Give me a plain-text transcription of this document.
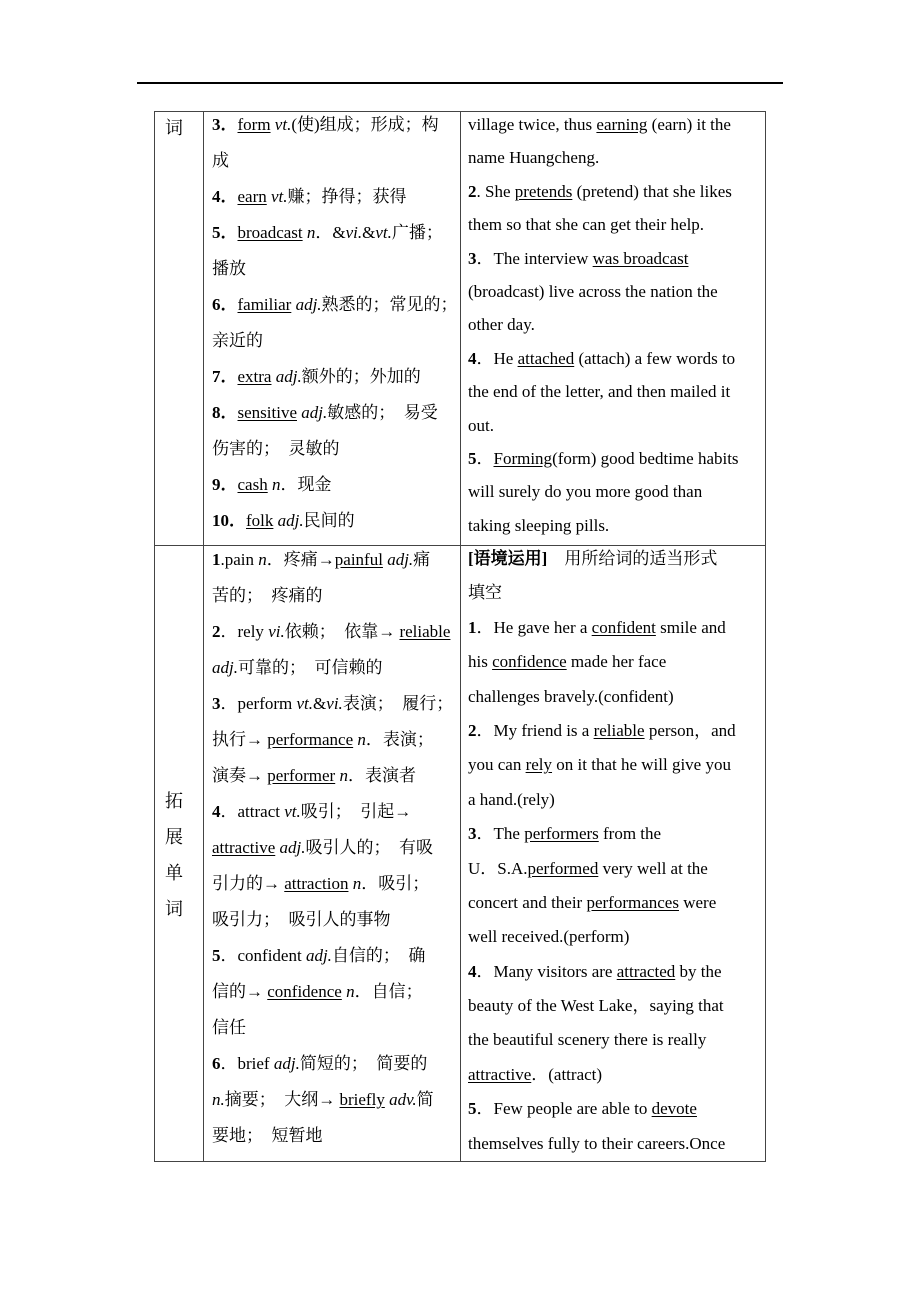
词 3．form vt.(使)组成；形成；构
成
4．earn vt.赚；挣得；获得
5．broadcast n．&vi.&vt.广播；
播放
6．familiar adj.熟悉的；常见的；
亲近的
7．extra adj.额外的；外加的
8．sensitive adj.敏感的；　易受
伤害的；　灵敏的
9．cash n．现金
10．folk adj.民间的
village twice, thus earning (earn) it the
name Huangcheng.
2. She pretends (pretend) that she likes
them so that she can get their help.
3．The interview was broadcast
(broadcast) live across the nation the
other day.
4．He attached (attach) a few words to
the end of the letter, and then mailed it
out.
5．Forming(form) good bedtime habits
will surely do you more good than
taking sleeping pills.
拓展单词
1.pain n．疼痛→painful adj.痛
苦的；　疼痛的
2．rely vi.依赖；　依靠→ reliable
adj.可靠的；　可信赖的
3．perform vt.&vi.表演；　履行；
执行→ performance n．表演；
演奏→ performer n．表演者
4．attract vt.吸引；　引起→
attractive adj.吸引人的；　有吸
引力的→ attraction n．吸引；
吸引力；　吸引人的事物
5．confident adj.自信的；　确
信的→ confidence n．自信；
信任
6．brief adj.简短的；　简要的
n.摘要；　大纲→ briefly adv.简
要地；　短暂地
[语境运用]　用所给词的适当形式
填空
1．He gave her a confident smile and
his confidence made her face
challenges bravely.(confident)
2．My friend is a reliable person，and
you can rely on it that he will give you
a hand.(rely)
3．The performers from the
U．S.A.performed very well at the
concert and their performances were
well received.(perform)
4．Many visitors are attracted by the
beauty of the West Lake，saying that
the beautiful scenery there is really
attractive．(attract)
5．Few people are able to devote
themselves fully to their careers.Once
